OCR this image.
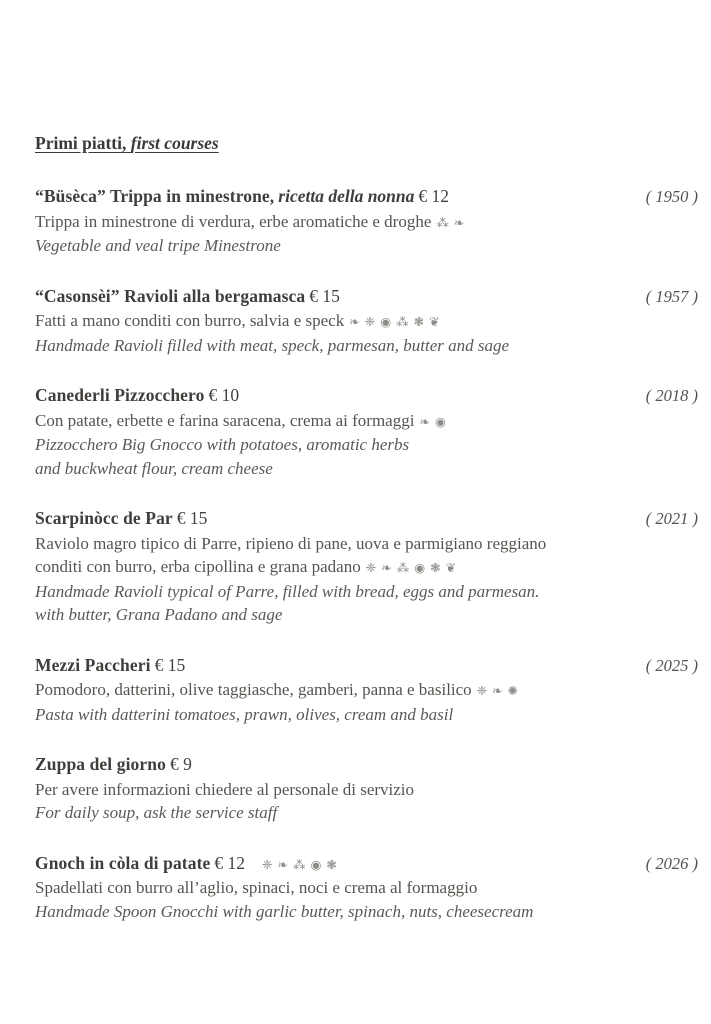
Primi piatti, first courses
“Büsèca” Trippa in minestrone, ricetta della nonna € 12	( 1950 )
Trippa in minestrone di verdura, erbe aromatiche e droghe ⁂ ❧
Vegetable and veal tripe Minestrone
“Casonsèi” Ravioli alla bergamasca € 15	( 1957 )
Fatti a mano conditi con burro, salvia e speck ❧ ❈ ◉ ⁂ ❃ ❦
Handmade Ravioli filled with meat, speck, parmesan, butter and sage
Canederli Pizzocchero € 10	( 2018 )
Con patate, erbette e farina saracena, crema ai formaggi ❧ ◉
Pizzocchero Big Gnocco with potatoes, aromatic herbs
and buckwheat flour, cream cheese
Scarpinòcc de Par € 15	( 2021 )
Raviolo magro tipico di Parre, ripieno di pane, uova e parmigiano reggiano
conditi con burro, erba cipollina e grana padano ❈ ❧ ⁂ ◉ ❃ ❦
Handmade Ravioli typical of Parre, filled with bread, eggs and parmesan.
with butter, Grana Padano and sage
Mezzi Paccheri € 15	( 2025 )
Pomodoro, datterini, olive taggiasche, gamberi, panna e basilico ❈ ❧ ✺
Pasta with datterini tomatoes, prawn, olives, cream and basil
Zuppa del giorno € 9
Per avere informazioni chiedere al personale di servizio
For daily soup, ask the service staff
Gnoch in còla di patate € 12 ❈ ❧ ⁂ ◉ ❃	( 2026 )
Spadellati con burro all’aglio, spinaci, noci e crema al formaggio
Handmade Spoon Gnocchi with garlic butter, spinach, nuts, cheesecream
